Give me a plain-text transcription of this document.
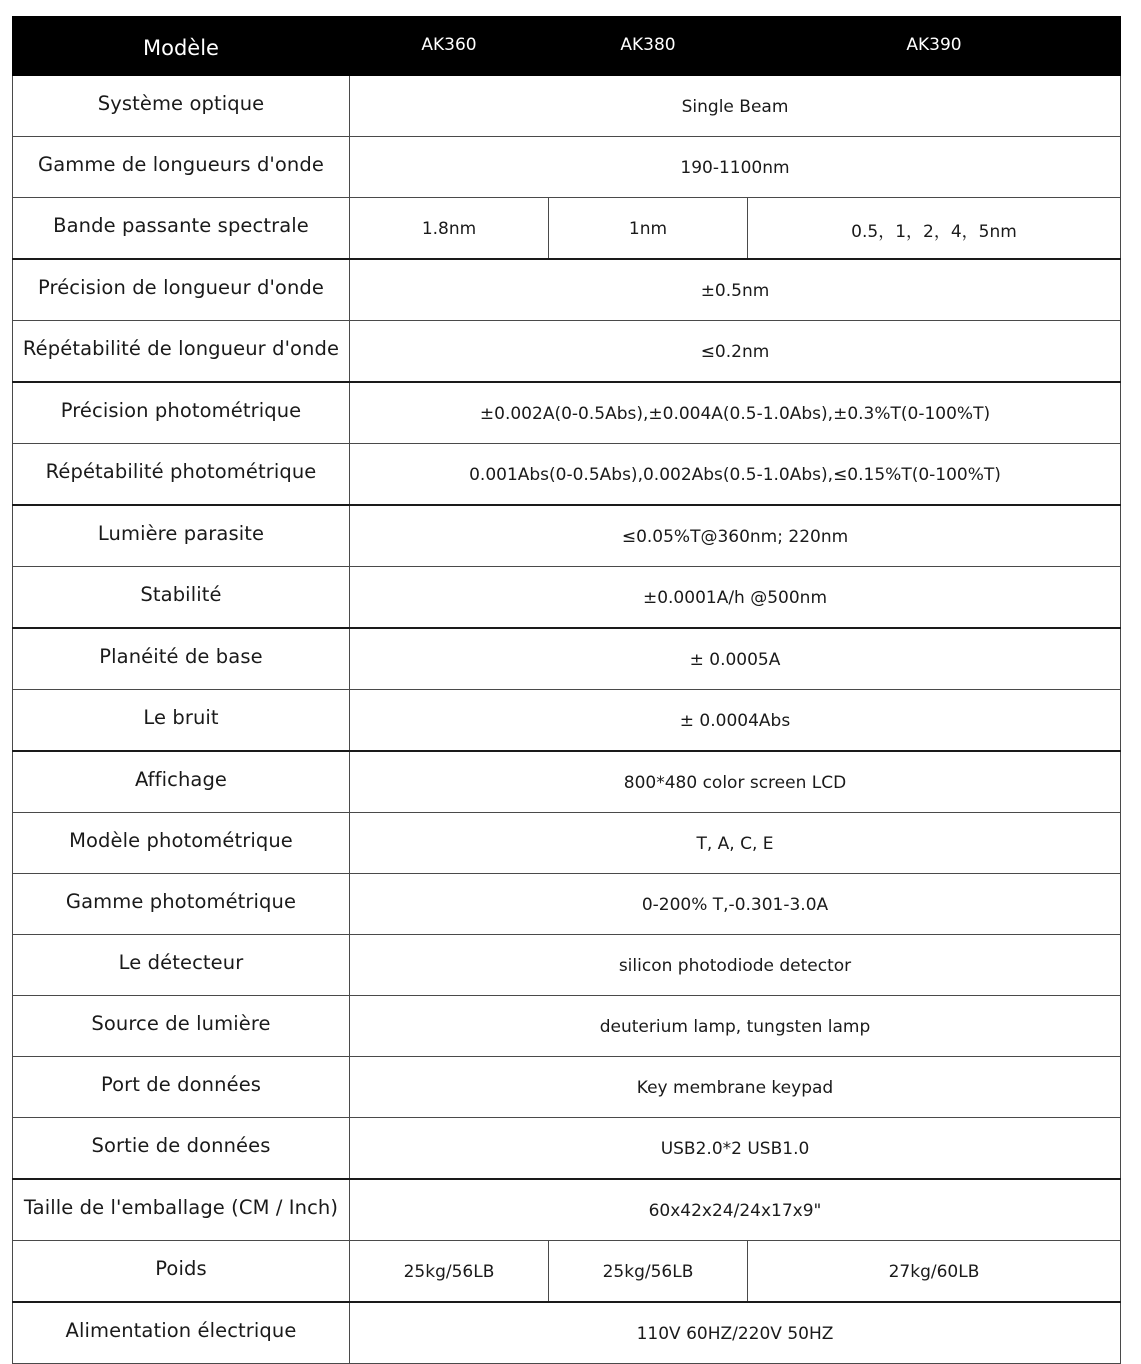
Modèle	AK360	AK380	AK390
Système optique	Single Beam		
Gamme de longueurs d'onde	190-1100nm		
Bande passante spectrale	1.8nm	1nm	0.5，1，2，4，5nm
Précision de longueur d'onde	±0.5nm		
Répétabilité de longueur d'onde	≤0.2nm		
Précision photométrique	±0.002A(0-0.5Abs),±0.004A(0.5-1.0Abs),±0.3%T(0-100%T)		
Répétabilité photométrique	0.001Abs(0-0.5Abs),0.002Abs(0.5-1.0Abs),≤0.15%T(0-100%T)		
Lumière parasite	≤0.05%T@360nm; 220nm		
Stabilité	±0.0001A/h @500nm		
Planéité de base	± 0.0005A		
Le bruit	± 0.0004Abs		
Affichage	800*480 color screen LCD		
Modèle photométrique	T, A, C, E		
Gamme photométrique	0-200% T,-0.301-3.0A		
Le détecteur	silicon photodiode detector		
Source de lumière	deuterium lamp, tungsten lamp		
Port de données	Key membrane keypad		
Sortie de données	USB2.0*2 USB1.0		
Taille de l'emballage (CM / Inch)	60x42x24/24x17x9"		
Poids	25kg/56LB	25kg/56LB	27kg/60LB
Alimentation électrique	110V 60HZ/220V 50HZ		
